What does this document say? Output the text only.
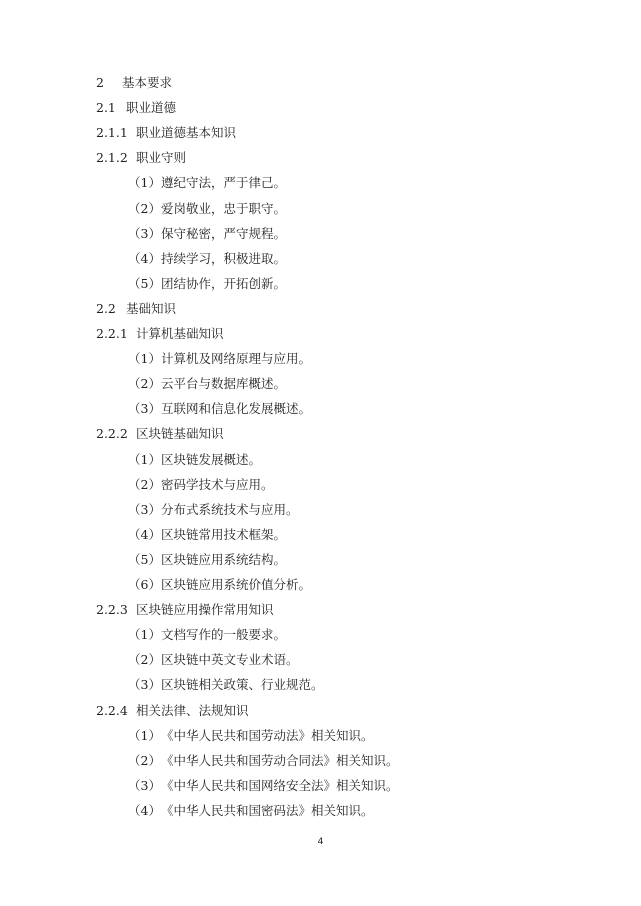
2 基本要求
2.1 职业道德
2.1.1 职业道德基本知识
2.1.2 职业守则
（1）遵纪守法，严于律己。
（2）爱岗敬业，忠于职守。
（3）保守秘密，严守规程。
（4）持续学习，积极进取。
（5）团结协作，开拓创新。
2.2 基础知识
2.2.1 计算机基础知识
（1）计算机及网络原理与应用。
（2）云平台与数据库概述。
（3）互联网和信息化发展概述。
2.2.2 区块链基础知识
（1）区块链发展概述。
（2）密码学技术与应用。
（3）分布式系统技术与应用。
（4）区块链常用技术框架。
（5）区块链应用系统结构。
（6）区块链应用系统价值分析。
2.2.3 区块链应用操作常用知识
（1）文档写作的一般要求。
（2）区块链中英文专业术语。
（3）区块链相关政策、行业规范。
2.2.4 相关法律、法规知识
（1）《中华人民共和国劳动法》相关知识。
（2）《中华人民共和国劳动合同法》相关知识。
（3）《中华人民共和国网络安全法》相关知识。
（4）《中华人民共和国密码法》相关知识。
4
